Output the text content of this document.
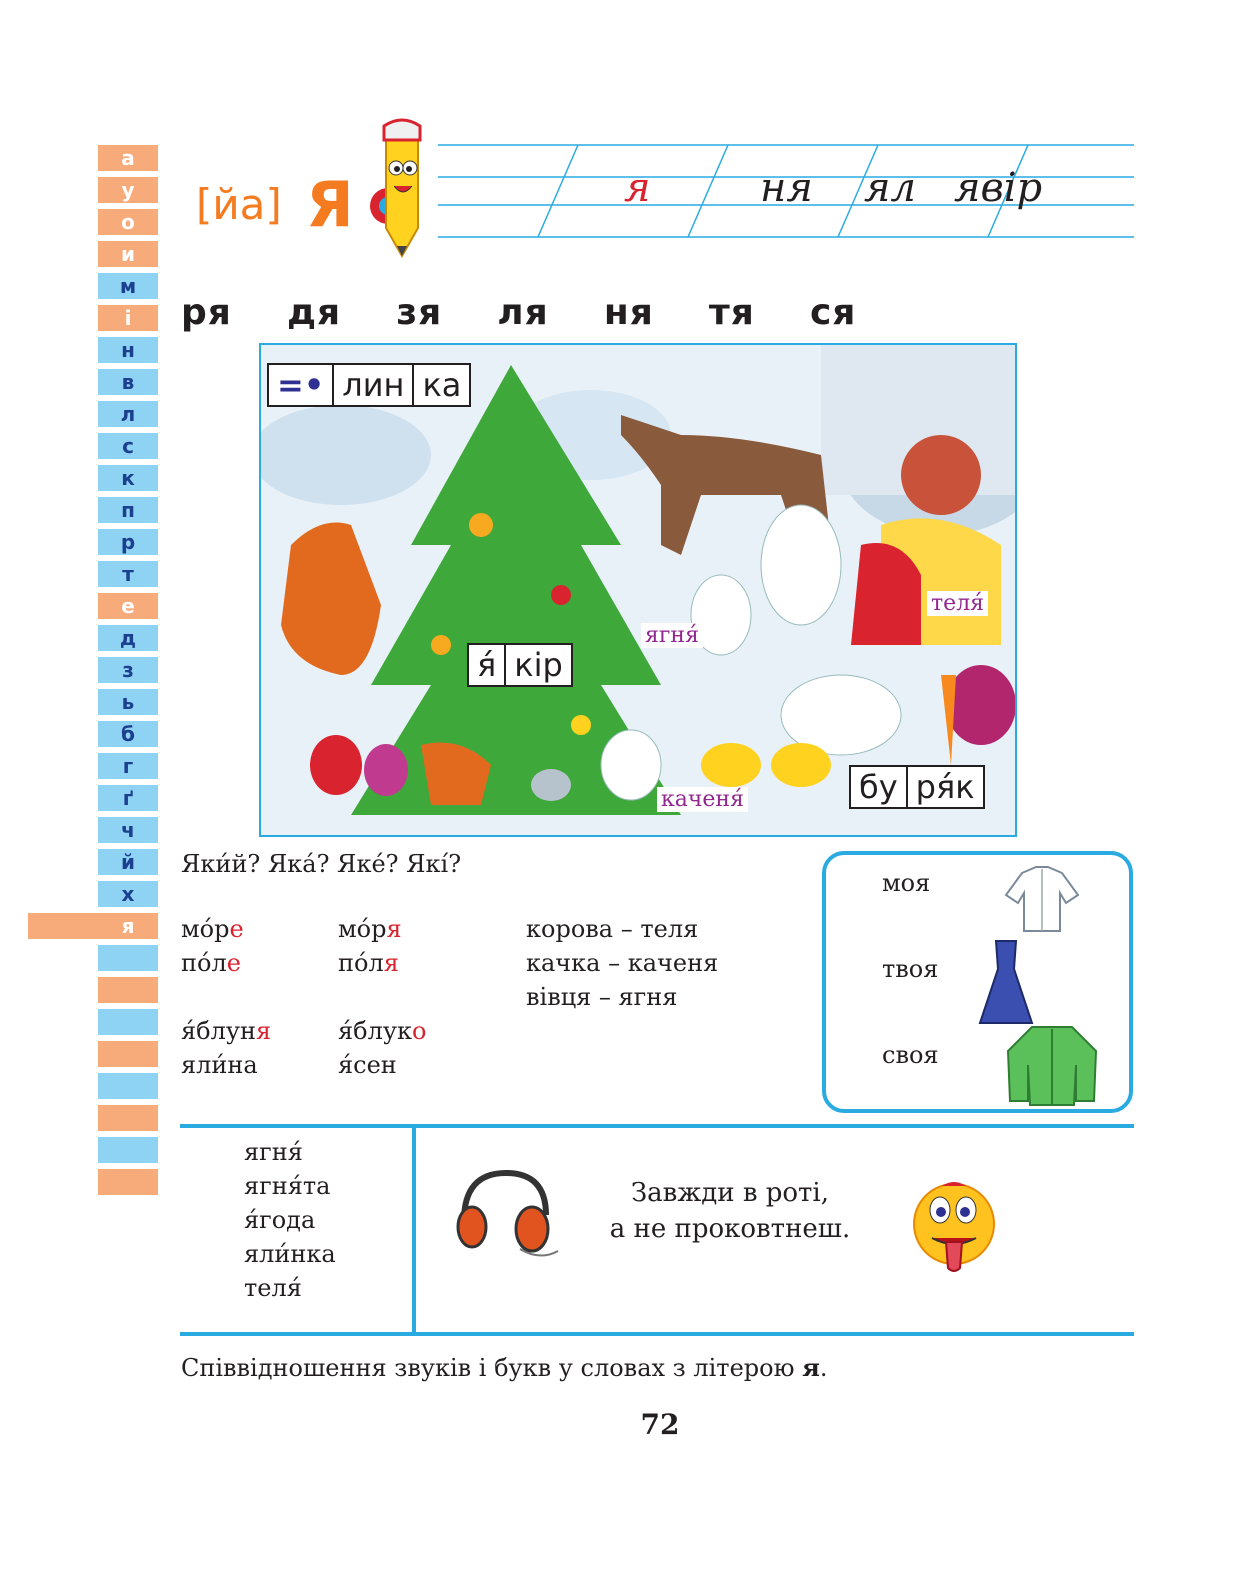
а
у
о
и
м
і
н
в
л
с
к
п
р
т
е
д
з
ь
б
г
ґ
ч
й
х
я
[йа] Я	я	ня ял явір
ря  дя  зя  ля  ня  тя  ся
=• лин ка
я́ кір
бу ря́к
теля́
ягня́
каченя́
Яки́й? Яка́? Яке́? Які́?
мо́ре
по́ле
я́блуня
яли́на
мо́ря
по́ля
я́блуко
я́сен
корова – теля
качка – каченя
вівця – ягня
моя
твоя
своя
ягня́
ягня́та
я́года
яли́нка
теля́
Завжди в роті,
а не проковтнеш.
Співвідношення звуків і букв у словах з літерою я.
72
